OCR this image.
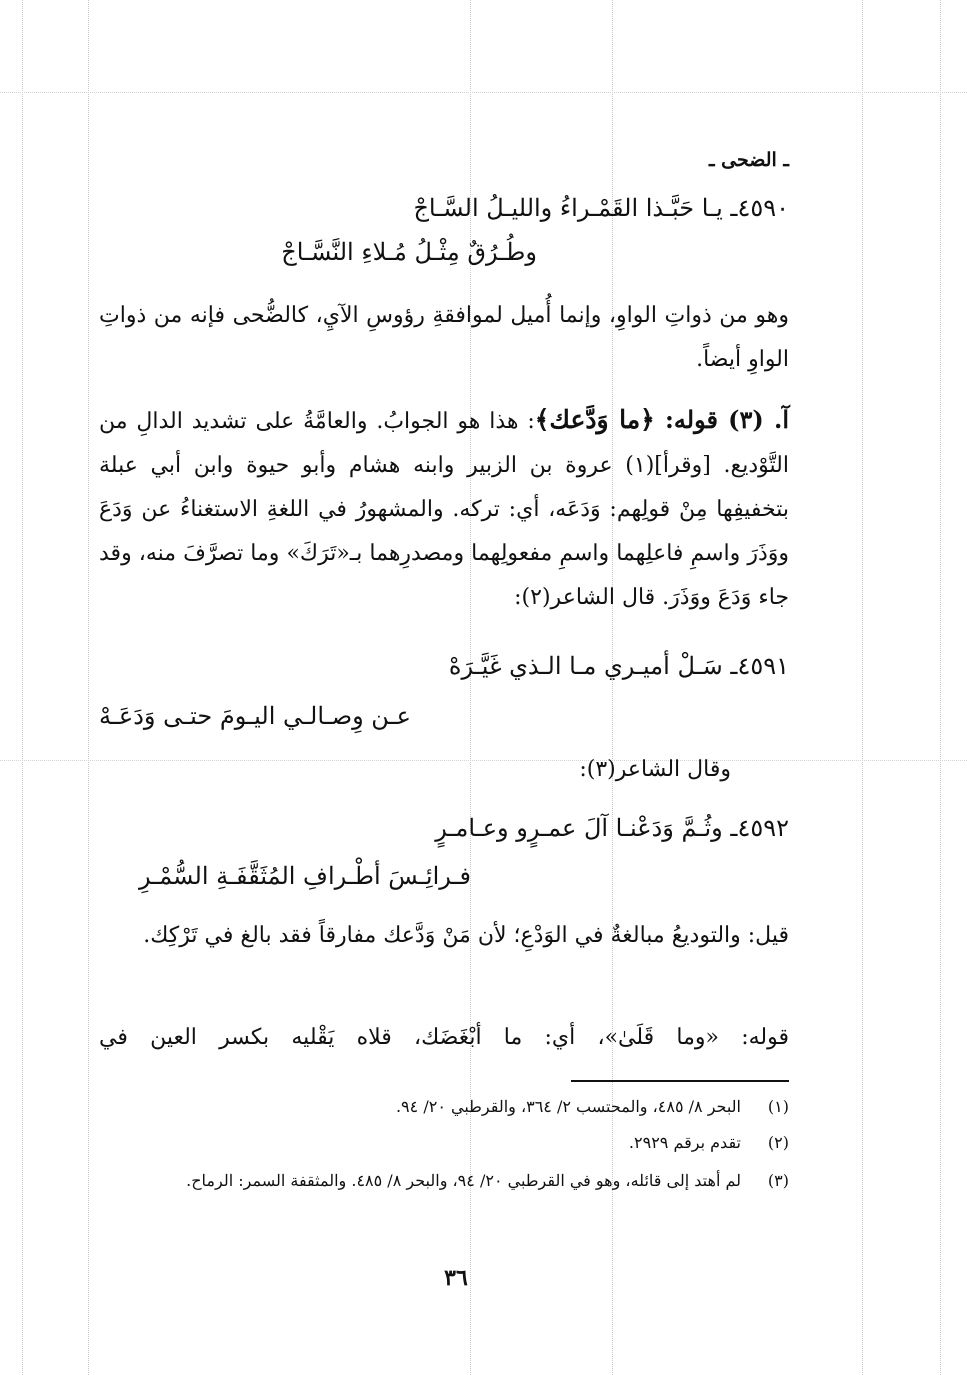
ـ الضحى ـ
٤٥٩٠ـ يـا حَبَّـذا القَمْـراءُ والليـلُ السَّـاجْ
وطُـرُقٌ مِثْـلُ مُـلاءِ النَّسَّـاجْ
وهو من ذواتِ الواوِ، وإنما أُميل لموافقةِ رؤوسِ الآيِ، كالضُّحى فإنه من ذواتِ الواوِ أيضاً.
آ. (٣) قوله: ﴿ما وَدَّعك﴾: هذا هو الجوابُ. والعامَّةُ على تشديد الدالِ من التَّوْديع. [وقرأ](١) عروة بن الزبير وابنه هشام وأبو حيوة وابن أبي عبلة بتخفيفِها مِنْ قولِهم: وَدَعَه، أي: تركه. والمشهورُ في اللغةِ الاستغناءُ عن وَدَعَ ووَذَرَ واسمِ فاعلِهما واسمِ مفعولِهما ومصدرِهما بـ«تَرَكَ» وما تصرَّفَ منه، وقد جاء وَدَعَ ووَذَرَ. قال الشاعر(٢):
٤٥٩١ـ سَـلْ أميـري مـا الـذي غَيَّـرَهْ
عـن وِصـالـي اليـومَ حتـى وَدَعَـهْ
وقال الشاعر(٣):
٤٥٩٢ـ وثُـمَّ وَدَعْنـا آلَ عمـرٍو وعـامـرٍ
فـرائِـسَ أطْـرافِ المُثَقَّفَـةِ السُّمْـرِ
قيل: والتوديعُ مبالغةٌ في الوَدْعِ؛ لأن مَنْ وَدَّعك مفارقاً فقد بالغ في تَرْكِك.
قوله: «وما قَلَىٰ»، أي: ما أبْغَضَك، قلاه يَقْليه بكسر العين في
(١)
البحر ٨/ ٤٨٥، والمحتسب ٢/ ٣٦٤، والقرطبي ٢٠/ ٩٤.
(٢)
تقدم برقم ٢٩٢٩.
(٣)
لم أهتد إلى قائله، وهو في القرطبي ٢٠/ ٩٤، والبحر ٨/ ٤٨٥. والمثقفة السمر: الرماح.
٣٦
